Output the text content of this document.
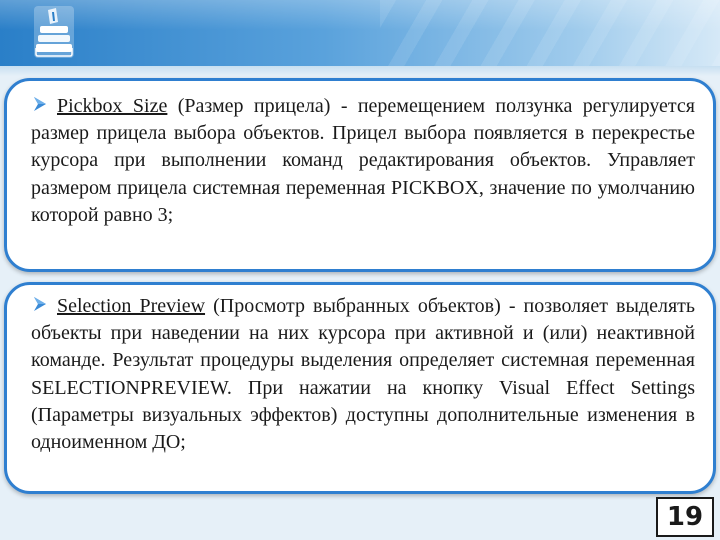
Pickbox Size (Размер прицела) - перемещением ползунка регулируется размер прицела выбора объектов. Прицел выбора появляется в перекрестье курсора при выполнении команд редактирования объектов. Управляет размером прицела системная переменная PICKBOX, значение по умолчанию которой равно 3;

Selection Preview (Просмотр выбранных объектов) - позволяет выделять объекты при наведении на них курсора при активной и (или) неактивной команде. Результат процедуры выделения определяет системная переменная SELECTIONPREVIEW. При нажатии на кнопку Visual Effect Settings (Параметры визуальных эффектов) доступны дополнительные изменения в одноименном ДО;

19
